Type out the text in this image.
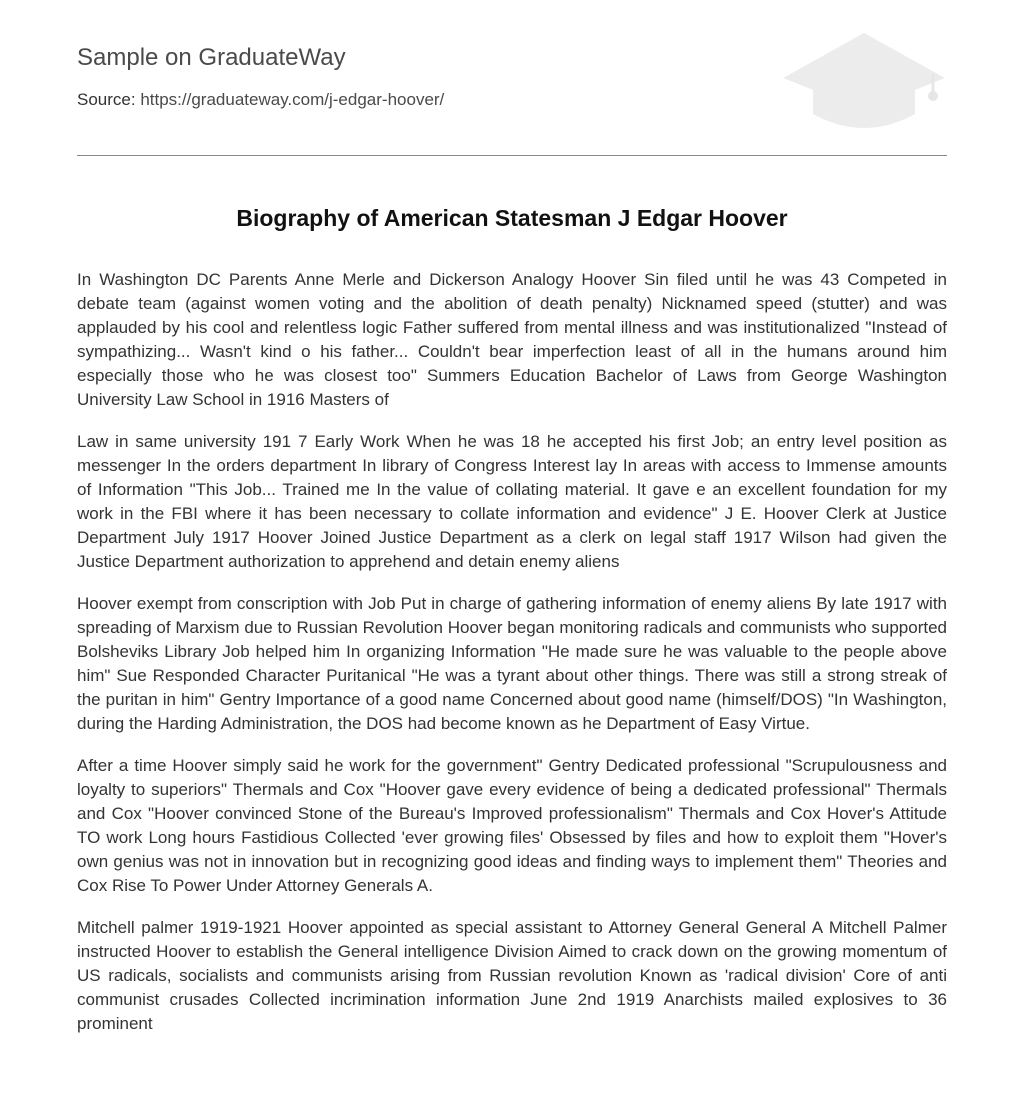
Sample on GraduateWay
Source: https://graduateway.com/j-edgar-hoover/
Biography of American Statesman J Edgar Hoover

In Washington DC Parents Anne Merle and Dickerson Analogy Hoover Sin filed until he was 43 Competed in debate team (against women voting and the abolition of death penalty) Nicknamed speed (stutter) and was applauded by his cool and relentless logic Father suffered from mental illness and was institutionalized "Instead of sympathizing... Wasn't kind o his father... Couldn't bear imperfection least of all in the humans around him especially those who he was closest too" Summers Education Bachelor of Laws from George Washington University Law School in 1916 Masters of

Law in same university 191 7 Early Work When he was 18 he accepted his first Job; an entry level position as messenger In the orders department In library of Congress Interest lay In areas with access to Immense amounts of Information "This Job... Trained me In the value of collating material. It gave e an excellent foundation for my work in the FBI where it has been necessary to collate information and evidence" J E. Hoover Clerk at Justice Department July 1917 Hoover Joined Justice Department as a clerk on legal staff 1917 Wilson had given the Justice Department authorization to apprehend and detain enemy aliens

Hoover exempt from conscription with Job Put in charge of gathering information of enemy aliens By late 1917 with spreading of Marxism due to Russian Revolution Hoover began monitoring radicals and communists who supported Bolsheviks Library Job helped him In organizing Information "He made sure he was valuable to the people above him" Sue Responded Character Puritanical "He was a tyrant about other things. There was still a strong streak of the puritan in him" Gentry Importance of a good name Concerned about good name (himself/DOS) "In Washington, during the Harding Administration, the DOS had become known as he Department of Easy Virtue.

After a time Hoover simply said he work for the government" Gentry Dedicated professional "Scrupulousness and loyalty to superiors" Thermals and Cox "Hoover gave every evidence of being a dedicated professional" Thermals and Cox "Hoover convinced Stone of the Bureau's Improved professionalism" Thermals and Cox Hover's Attitude TO work Long hours Fastidious Collected 'ever growing files' Obsessed by files and how to exploit them "Hover's own genius was not in innovation but in recognizing good ideas and finding ways to implement them" Theories and Cox Rise To Power Under Attorney Generals A.

Mitchell palmer 1919-1921 Hoover appointed as special assistant to Attorney General General A Mitchell Palmer instructed Hoover to establish the General intelligence Division Aimed to crack down on the growing momentum of US radicals, socialists and communists arising from Russian revolution Known as 'radical division' Core of anti communist crusades Collected incrimination information June 2nd 1919 Anarchists mailed explosives to 36 prominent
